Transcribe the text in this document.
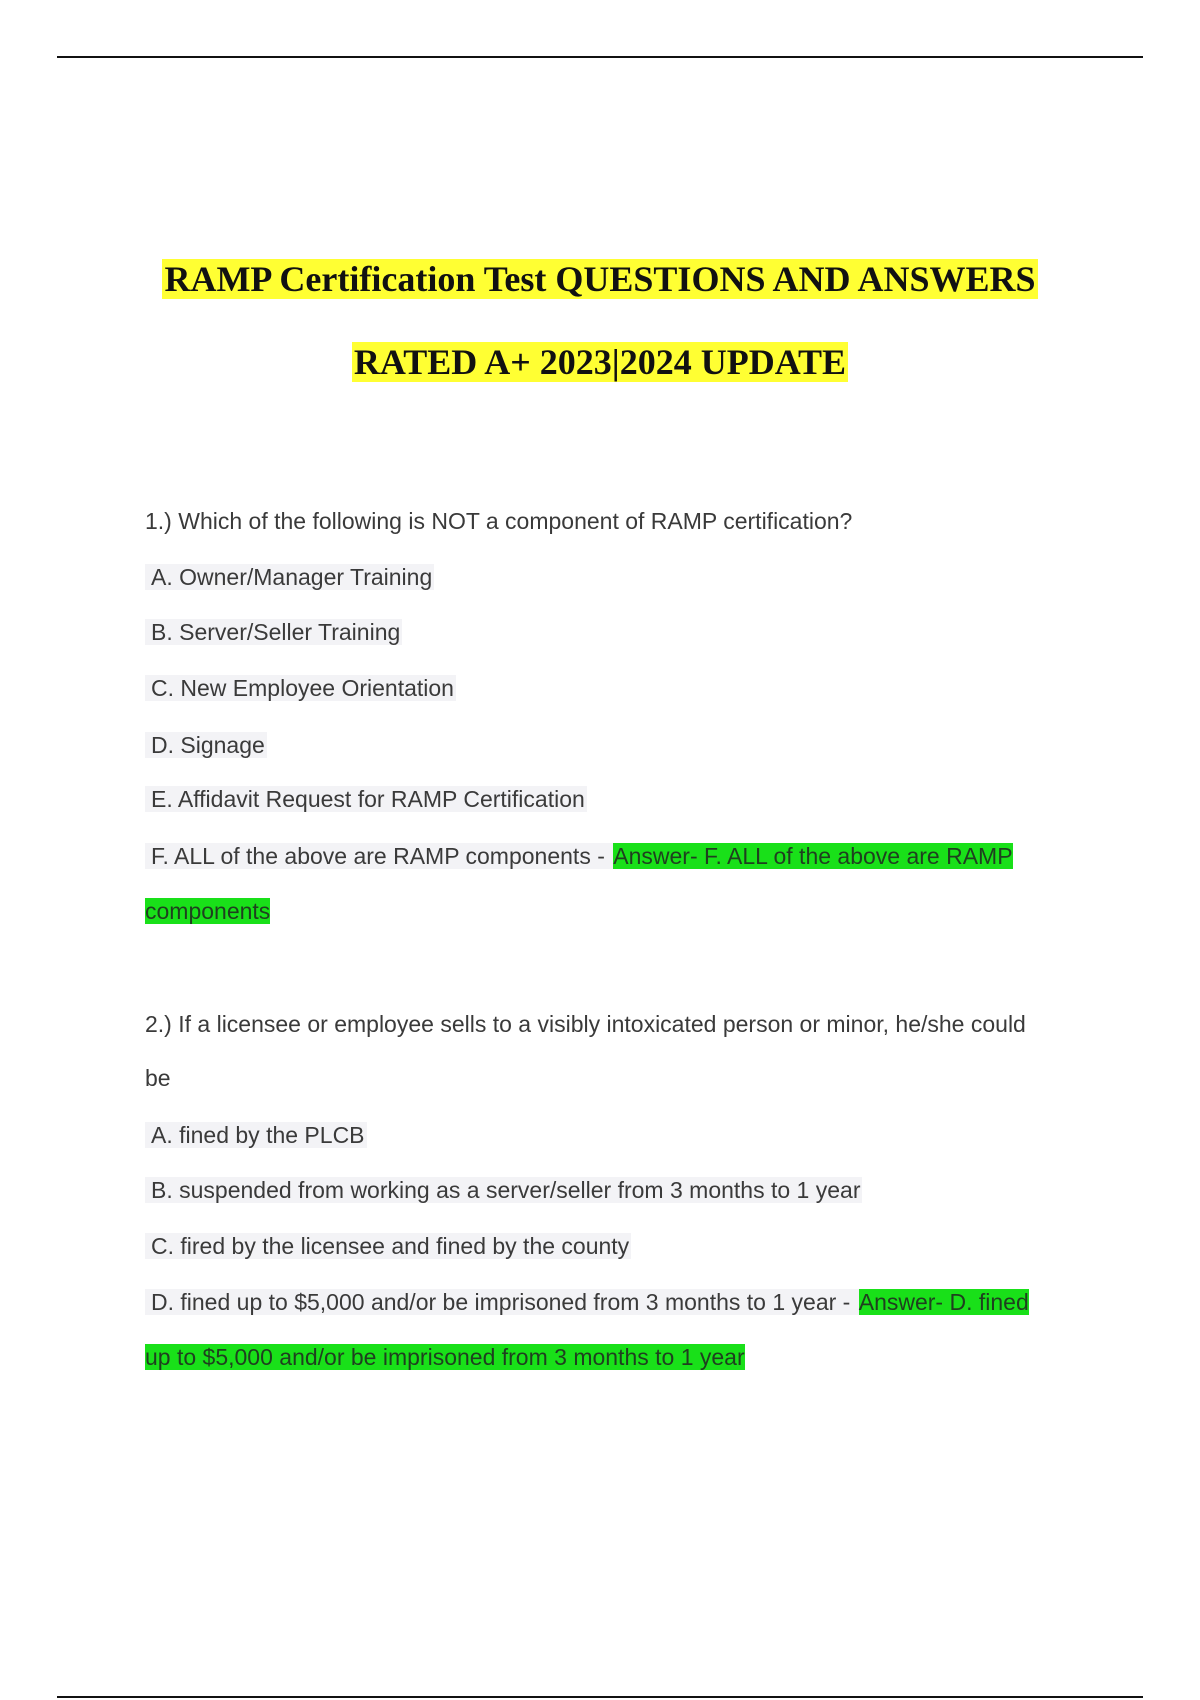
RAMP Certification Test QUESTIONS AND ANSWERS
RATED A+ 2023|2024 UPDATE
1.) Which of the following is NOT a component of RAMP certification?
A. Owner/Manager Training
B. Server/Seller Training
C. New Employee Orientation
D. Signage
E. Affidavit Request for RAMP Certification
F. ALL of the above are RAMP components - Answer- F. ALL of the above are RAMP
components
2.) If a licensee or employee sells to a visibly intoxicated person or minor, he/she could
be
A. fined by the PLCB
B. suspended from working as a server/seller from 3 months to 1 year
C. fired by the licensee and fined by the county
D. fined up to $5,000 and/or be imprisoned from 3 months to 1 year - Answer- D. fined
up to $5,000 and/or be imprisoned from 3 months to 1 year
